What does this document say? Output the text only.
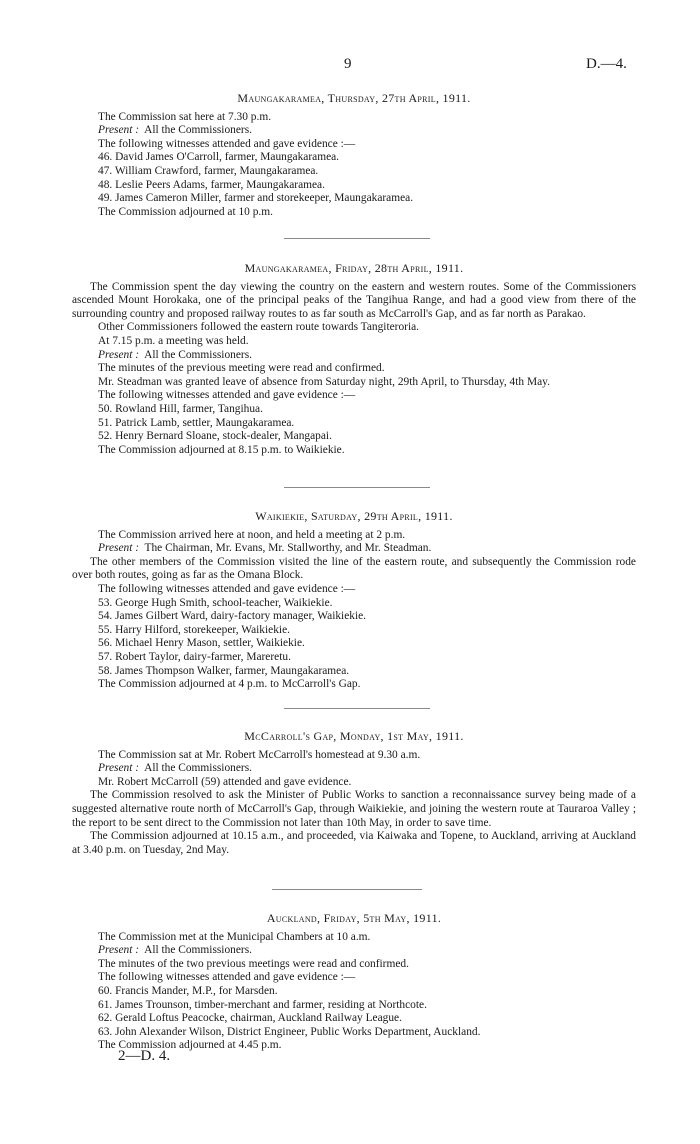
9	D.—4.
Maungakaramea, Thursday, 27th April, 1911.
The Commission sat here at 7.30 p.m.
Present : All the Commissioners.
The following witnesses attended and gave evidence :—
46. David James O'Carroll, farmer, Maungakaramea.
47. William Crawford, farmer, Maungakaramea.
48. Leslie Peers Adams, farmer, Maungakaramea.
49. James Cameron Miller, farmer and storekeeper, Maungakaramea.
The Commission adjourned at 10 p.m.
Maungakaramea, Friday, 28th April, 1911.
The Commission spent the day viewing the country on the eastern and western routes. Some of the Commissioners ascended Mount Horokaka, one of the principal peaks of the Tangihua Range, and had a good view from there of the surrounding country and proposed railway routes to as far south as McCarroll's Gap, and as far north as Parakao.
Other Commissioners followed the eastern route towards Tangiteroria.
At 7.15 p.m. a meeting was held.
Present : All the Commissioners.
The minutes of the previous meeting were read and confirmed.
Mr. Steadman was granted leave of absence from Saturday night, 29th April, to Thursday, 4th May.
The following witnesses attended and gave evidence :—
50. Rowland Hill, farmer, Tangihua.
51. Patrick Lamb, settler, Maungakaramea.
52. Henry Bernard Sloane, stock-dealer, Mangapai.
The Commission adjourned at 8.15 p.m. to Waikiekie.
Waikiekie, Saturday, 29th April, 1911.
The Commission arrived here at noon, and held a meeting at 2 p.m.
Present : The Chairman, Mr. Evans, Mr. Stallworthy, and Mr. Steadman.
The other members of the Commission visited the line of the eastern route, and subsequently the Commission rode over both routes, going as far as the Omana Block.
The following witnesses attended and gave evidence :—
53. George Hugh Smith, school-teacher, Waikiekie.
54. James Gilbert Ward, dairy-factory manager, Waikiekie.
55. Harry Hilford, storekeeper, Waikiekie.
56. Michael Henry Mason, settler, Waikiekie.
57. Robert Taylor, dairy-farmer, Mareretu.
58. James Thompson Walker, farmer, Maungakaramea.
The Commission adjourned at 4 p.m. to McCarroll's Gap.
McCarroll's Gap, Monday, 1st May, 1911.
The Commission sat at Mr. Robert McCarroll's homestead at 9.30 a.m.
Present : All the Commissioners.
Mr. Robert McCarroll (59) attended and gave evidence.
The Commission resolved to ask the Minister of Public Works to sanction a reconnaissance survey being made of a suggested alternative route north of McCarroll's Gap, through Waikiekie, and joining the western route at Tauraroa Valley ; the report to be sent direct to the Commission not later than 10th May, in order to save time.
The Commission adjourned at 10.15 a.m., and proceeded, via Kaiwaka and Topene, to Auckland, arriving at Auckland at 3.40 p.m. on Tuesday, 2nd May.
Auckland, Friday, 5th May, 1911.
The Commission met at the Municipal Chambers at 10 a.m.
Present : All the Commissioners.
The minutes of the two previous meetings were read and confirmed.
The following witnesses attended and gave evidence :—
60. Francis Mander, M.P., for Marsden.
61. James Trounson, timber-merchant and farmer, residing at Northcote.
62. Gerald Loftus Peacocke, chairman, Auckland Railway League.
63. John Alexander Wilson, District Engineer, Public Works Department, Auckland.
The Commission adjourned at 4.45 p.m.
2—D. 4.
